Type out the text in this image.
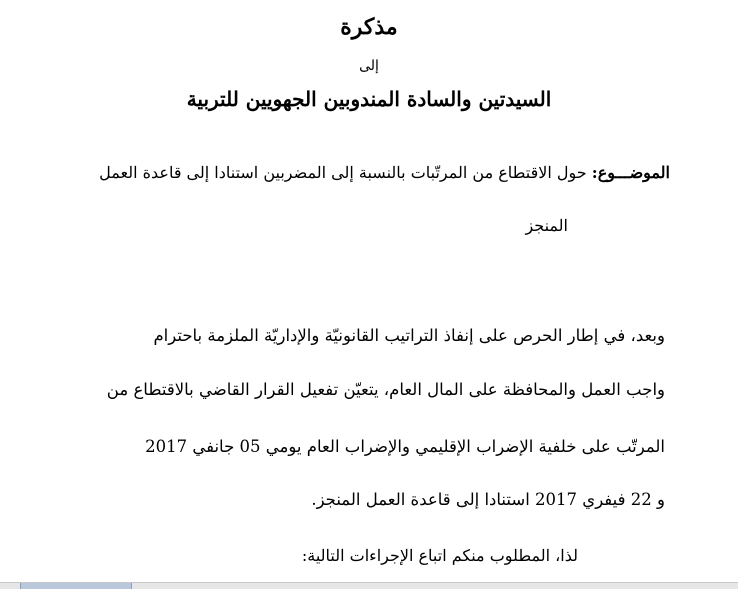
مذكرة
إلى
السيدتين والسادة المندوبين الجهويين للتربية
الموضـــوع: حول الاقتطاع من المرتّبات بالنسبة إلى المضربين استنادا إلى قاعدة العمل
المنجز
وبعد، في إطار الحرص على إنفاذ التراتيب القانونيّة والإداريّة الملزمة باحترام
واجب العمل والمحافظة على المال العام، يتعيّن تفعيل القرار القاضي بالاقتطاع من
المرتّب على خلفية الإضراب الإقليمي والإضراب العام يومي 05 جانفي 2017
و 22 فيفري 2017 استنادا إلى قاعدة العمل المنجز.
لذا، المطلوب منكم اتباع الإجراءات التالية:
